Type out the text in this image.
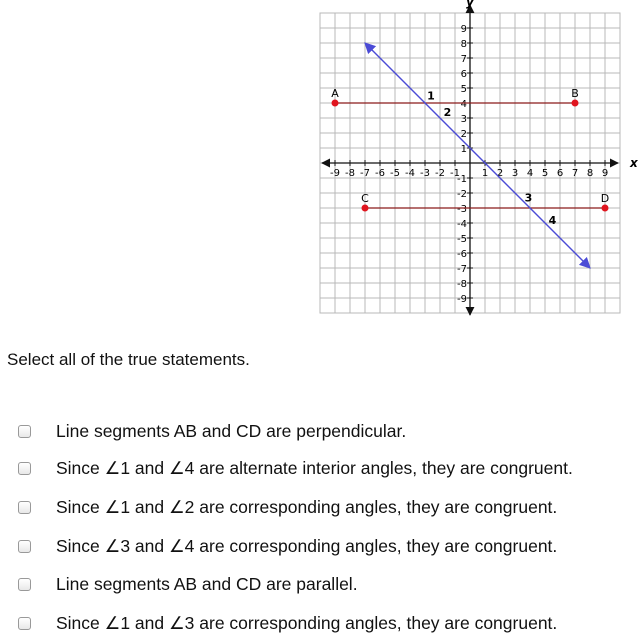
x
y
-9 -8 -7 -6 -5 -4 -3 -2 -1 1 2 3 4 5 6 7 8 9
9
8
7
6
5
4
3
2
1
-1
-2
-3
-4
-5
-6
-7
-8
-9
A	B
C	D
1
2
3
4
Select all of the true statements.
Line segments AB and CD are perpendicular.
Since ∠1 and ∠4 are alternate interior angles, they are congruent.
Since ∠1 and ∠2 are corresponding angles, they are congruent.
Since ∠3 and ∠4 are corresponding angles, they are congruent.
Line segments AB and CD are parallel.
Since ∠1 and ∠3 are corresponding angles, they are congruent.
